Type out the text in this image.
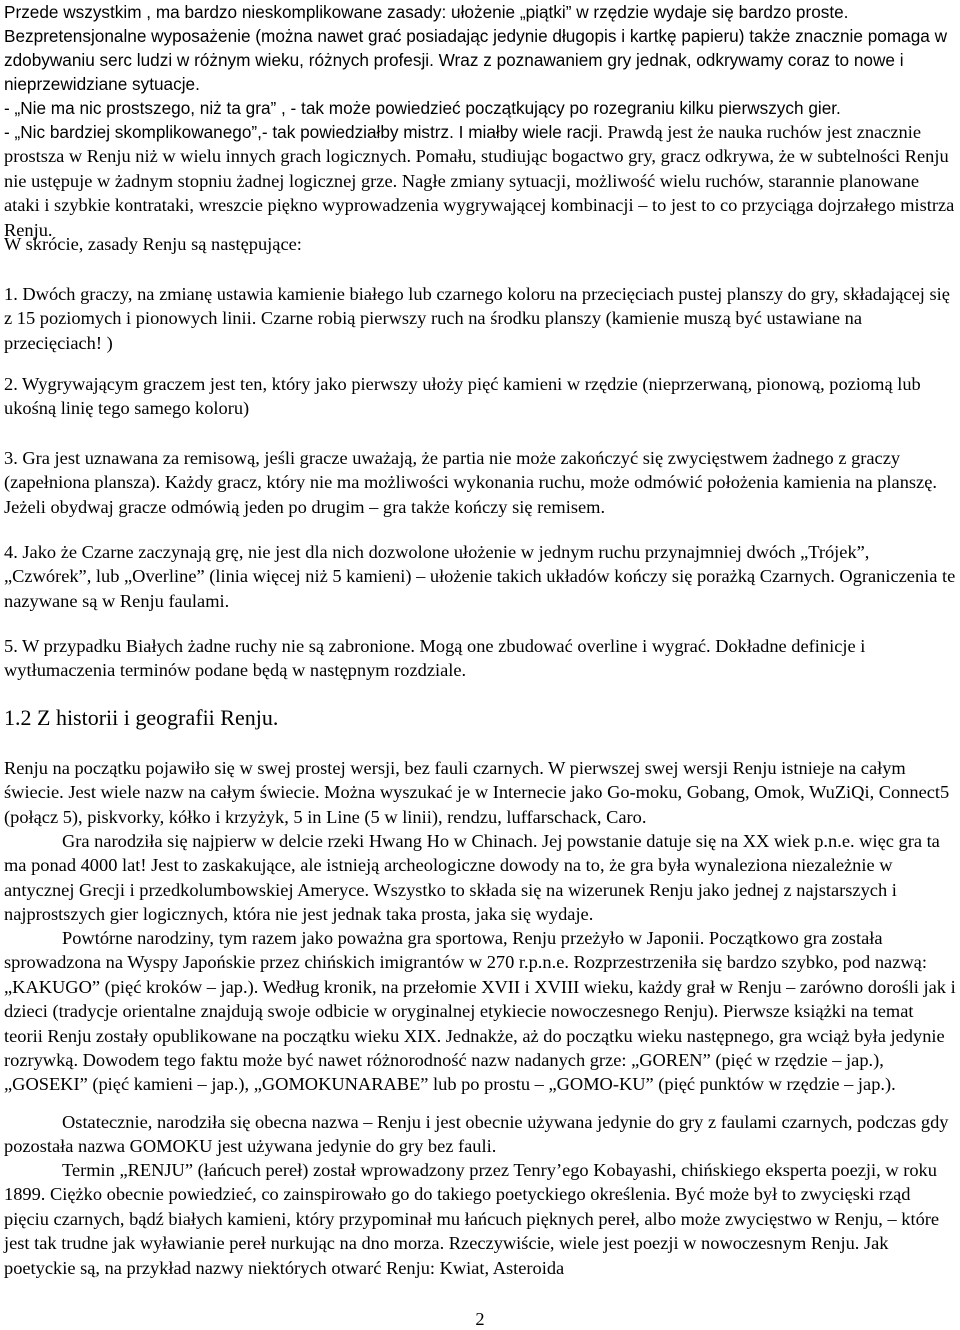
Przede wszystkim , ma bardzo nieskomplikowane zasady: ułożenie „piątki” w rzędzie wydaje się bardzo proste. Bezpretensjonalne wyposażenie (można nawet grać posiadając jedynie długopis i kartkę papieru) także znacznie pomaga w zdobywaniu serc ludzi w różnym wieku, różnych profesji. Wraz z poznawaniem gry jednak, odkrywamy coraz to nowe i nieprzewidziane sytuacje.

- „Nie ma nic prostszego, niż ta gra” , - tak może powiedzieć początkujący po rozegraniu kilku pierwszych gier.

- „Nic bardziej skomplikowanego”,- tak powiedziałby mistrz. I miałby wiele racji. Prawdą jest że nauka ruchów jest znacznie prostsza w Renju niż w wielu innych grach logicznych. Pomału, studiując bogactwo gry, gracz odkrywa, że w subtelności Renju nie ustępuje w żadnym stopniu żadnej logicznej grze. Nagłe zmiany sytuacji, możliwość wielu ruchów, starannie planowane ataki i szybkie kontrataki, wreszcie piękno wyprowadzenia wygrywającej kombinacji – to jest to co przyciąga dojrzałego mistrza Renju.

W skrócie, zasady Renju są następujące:

1. Dwóch graczy, na zmianę ustawia kamienie białego lub czarnego koloru na przecięciach pustej planszy do gry, składającej się z 15 poziomych i pionowych linii. Czarne robią pierwszy ruch na środku planszy (kamienie muszą być ustawiane na przecięciach! )

2. Wygrywającym graczem jest ten, który jako pierwszy ułoży pięć kamieni w rzędzie (nieprzerwaną, pionową, poziomą lub ukośną linię tego samego koloru)

3. Gra jest uznawana za remisową, jeśli gracze uważają, że partia nie może zakończyć się zwycięstwem żadnego z graczy (zapełniona plansza). Każdy gracz, który nie ma możliwości wykonania ruchu, może odmówić położenia kamienia na planszę. Jeżeli obydwaj gracze odmówią jeden po drugim – gra także kończy się remisem.

4. Jako że Czarne zaczynają grę, nie jest dla nich dozwolone ułożenie w jednym ruchu przynajmniej dwóch „Trójek”, „Czwórek”, lub „Overline” (linia więcej niż 5 kamieni) – ułożenie takich układów kończy się porażką Czarnych. Ograniczenia te nazywane są w Renju faulami.

5. W przypadku Białych żadne ruchy nie są zabronione. Mogą one zbudować overline i wygrać. Dokładne definicje i wytłumaczenia terminów podane będą w następnym rozdziale.

1.2 Z historii i geografii Renju.

Renju na początku pojawiło się w swej prostej wersji, bez fauli czarnych. W pierwszej swej wersji Renju istnieje na całym świecie. Jest wiele nazw na całym świecie. Można wyszukać je w Internecie jako Go-moku, Gobang, Omok, WuZiQi, Connect5 (połącz 5), piskvorky, kółko i krzyżyk, 5 in Line (5 w linii), rendzu, luffarschack, Caro.

Gra narodziła się najpierw w delcie rzeki Hwang Ho w Chinach. Jej powstanie datuje się na XX wiek p.n.e. więc gra ta ma ponad 4000 lat! Jest to zaskakujące, ale istnieją archeologiczne dowody na to, że gra była wynaleziona niezależnie w antycznej Grecji i przedkolumbowskiej Ameryce. Wszystko to składa się na wizerunek Renju jako jednej z najstarszych i najprostszych gier logicznych, która nie jest jednak taka prosta, jaka się wydaje.

Powtórne narodziny, tym razem jako poważna gra sportowa, Renju przeżyło w Japonii. Początkowo gra została sprowadzona na Wyspy Japońskie przez chińskich imigrantów w 270 r.p.n.e. Rozprzestrzeniła się bardzo szybko, pod nazwą: „KAKUGO” (pięć kroków – jap.). Według kronik, na przełomie XVII i XVIII wieku, każdy grał w Renju – zarówno dorośli jak i dzieci (tradycje orientalne znajdują swoje odbicie w oryginalnej etykiecie nowoczesnego Renju). Pierwsze książki na temat teorii Renju zostały opublikowane na początku wieku XIX. Jednakże, aż do początku wieku następnego, gra wciąż była jedynie rozrywką. Dowodem tego faktu może być nawet różnorodność nazw nadanych grze: „GOREN” (pięć w rzędzie – jap.), „GOSEKI” (pięć kamieni – jap.), „GOMOKUNARABE” lub po prostu – „GOMO-KU” (pięć punktów w rzędzie – jap.).

Ostatecznie, narodziła się obecna nazwa – Renju i jest obecnie używana jedynie do gry z faulami czarnych, podczas gdy pozostała nazwa GOMOKU jest używana jedynie do gry bez fauli.

Termin „RENJU” (łańcuch pereł) został wprowadzony przez Tenry’ego Kobayashi, chińskiego eksperta poezji, w roku 1899. Ciężko obecnie powiedzieć, co zainspirowało go do takiego poetyckiego określenia. Być może był to zwycięski rząd pięciu czarnych, bądź białych kamieni, który przypominał mu łańcuch pięknych pereł, albo może zwycięstwo w Renju, – które jest tak trudne jak wyławianie pereł nurkując na dno morza. Rzeczywiście, wiele jest poezji w nowoczesnym Renju. Jak poetyckie są, na przykład nazwy niektórych otwarć Renju: Kwiat, Asteroida

2
